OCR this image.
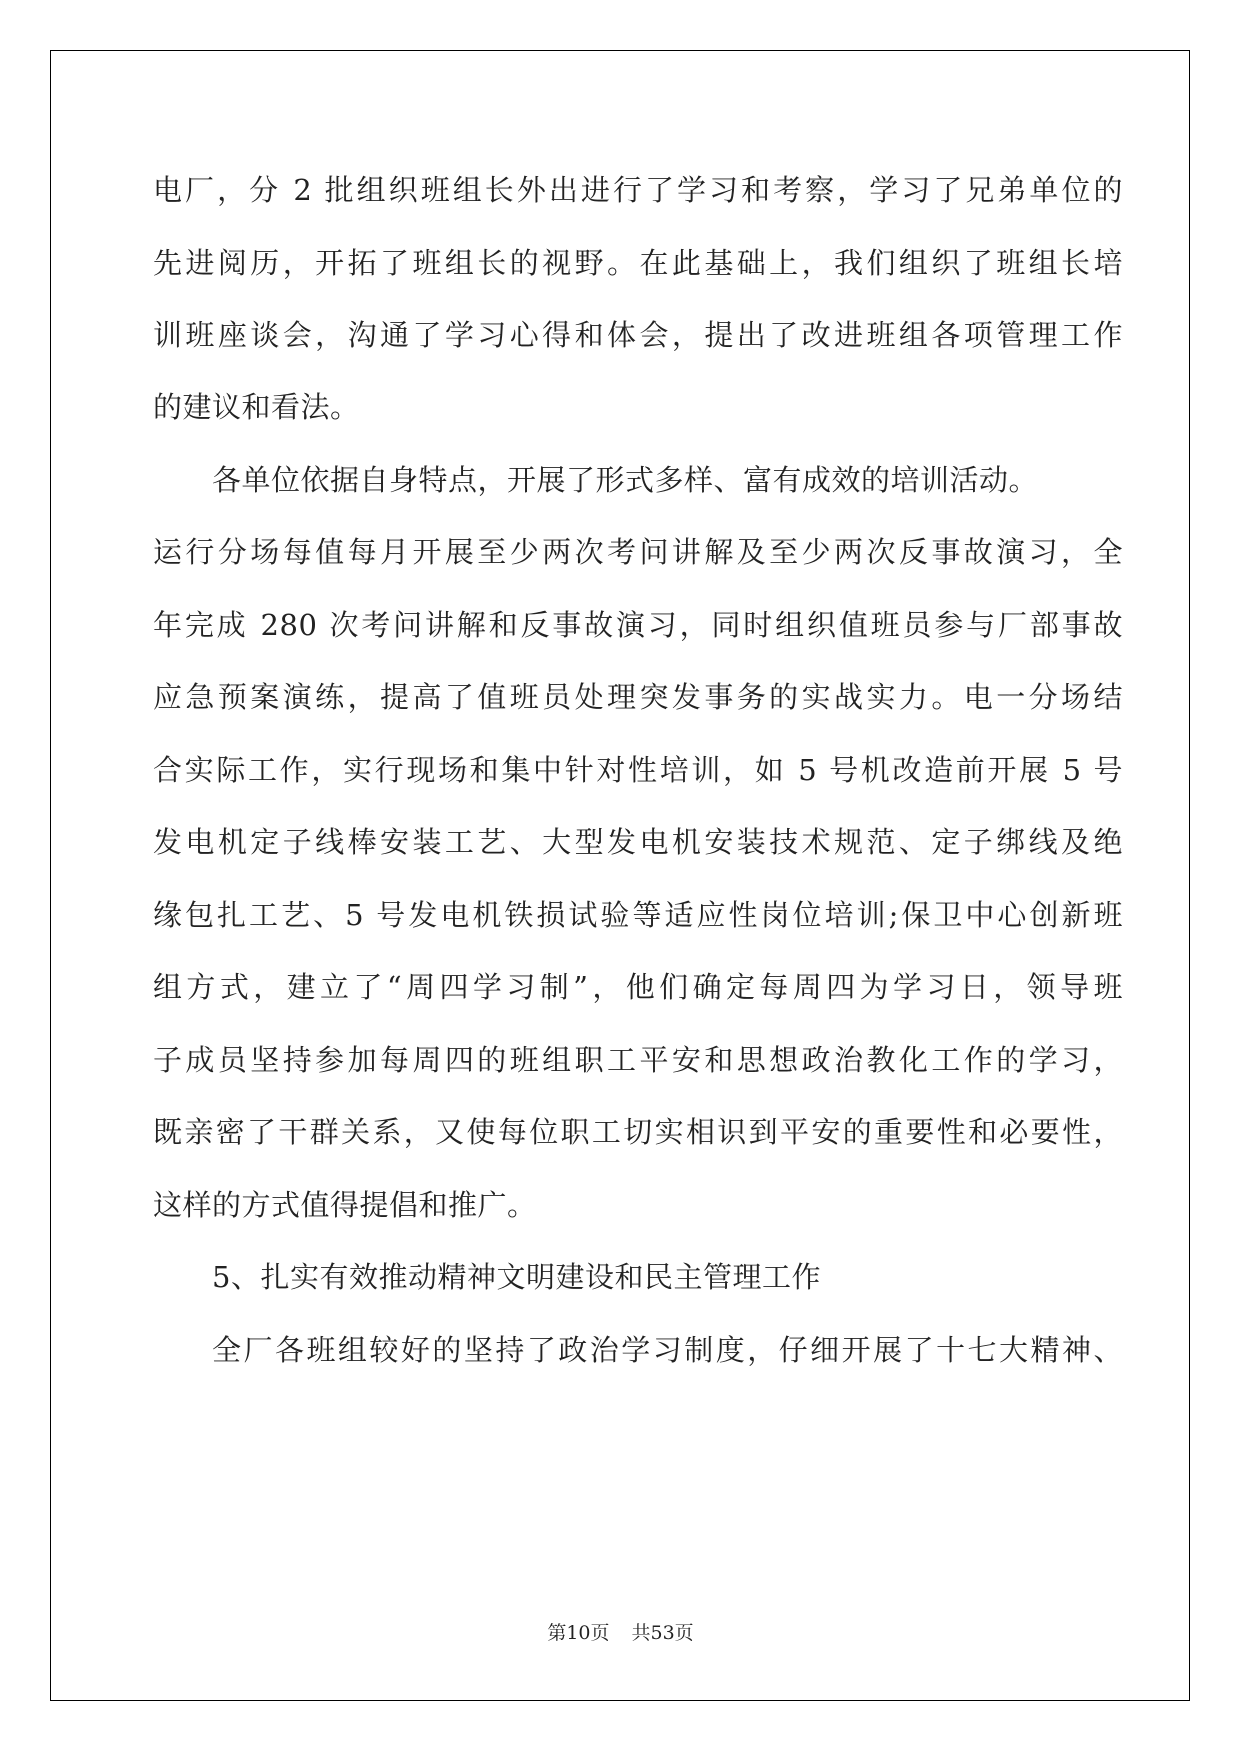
电厂，分 2 批组织班组长外出进行了学习和考察，学习了兄弟单位的
先进阅历，开拓了班组长的视野。在此基础上，我们组织了班组长培
训班座谈会，沟通了学习心得和体会，提出了改进班组各项管理工作
的建议和看法。
各单位依据自身特点，开展了形式多样、富有成效的培训活动。
运行分场每值每月开展至少两次考问讲解及至少两次反事故演习，全
年完成 280 次考问讲解和反事故演习，同时组织值班员参与厂部事故
应急预案演练，提高了值班员处理突发事务的实战实力。电一分场结
合实际工作，实行现场和集中针对性培训，如 5 号机改造前开展 5 号
发电机定子线棒安装工艺、大型发电机安装技术规范、定子绑线及绝
缘包扎工艺、5 号发电机铁损试验等适应性岗位培训;保卫中心创新班
组方式，建立了“周四学习制”，他们确定每周四为学习日，领导班
子成员坚持参加每周四的班组职工平安和思想政治教化工作的学习，
既亲密了干群关系，又使每位职工切实相识到平安的重要性和必要性，
这样的方式值得提倡和推广。
5、扎实有效推动精神文明建设和民主管理工作
全厂各班组较好的坚持了政治学习制度，仔细开展了十七大精神、
第10页 共53页
